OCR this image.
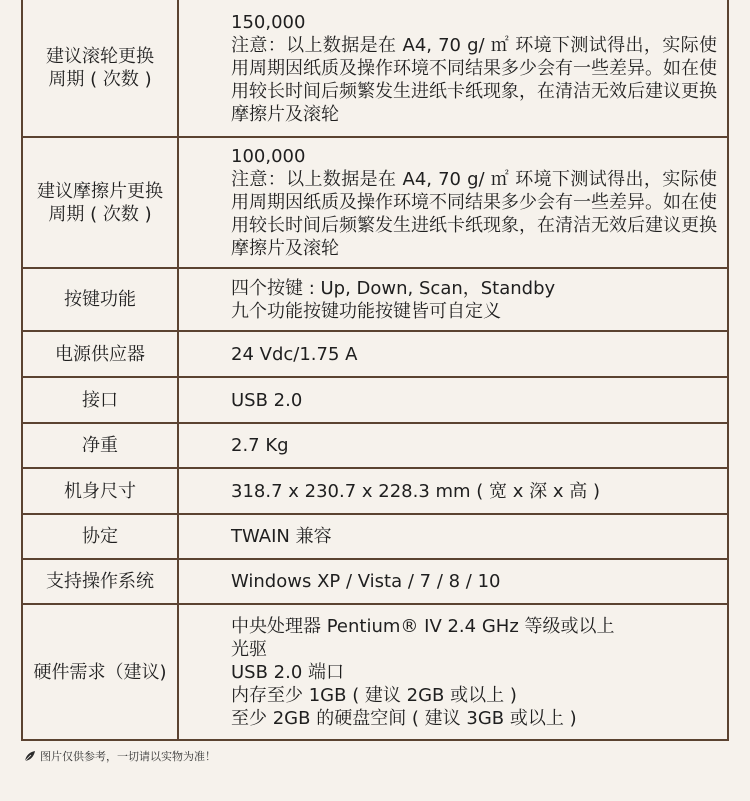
建议滚轮更换
周期 ( 次数 )	150,000
注意：以上数据是在 A4, 70 g/ ㎡ 环境下测试得出，实际使用周期因纸质及操作环境不同结果多少会有一些差异。如在使用较长时间后频繁发生进纸卡纸现象，在清洁无效后建议更换摩擦片及滚轮

建议摩擦片更换
周期 ( 次数 )	100,000
注意：以上数据是在 A4, 70 g/ ㎡ 环境下测试得出，实际使用周期因纸质及操作环境不同结果多少会有一些差异。如在使用较长时间后频繁发生进纸卡纸现象，在清洁无效后建议更换摩擦片及滚轮

按键功能	四个按键 : Up, Down, Scan，Standby
九个功能按键功能按键皆可自定义

电源供应器	24 Vdc/1.75 A
接口	USB 2.0
净重	2.7 Kg
机身尺寸	318.7 x 230.7 x 228.3 mm ( 宽 x 深 x 高 )
协定	TWAIN 兼容
支持操作系统	Windows XP / Vista / 7 / 8 / 10
硬件需求（建议)	中央处理器 Pentium® IV 2.4 GHz 等级或以上
光驱
USB 2.0 端口
内存至少 1GB ( 建议 2GB 或以上 )
至少 2GB 的硬盘空间 ( 建议 3GB 或以上 )
图片仅供参考，一切请以实物为准！
